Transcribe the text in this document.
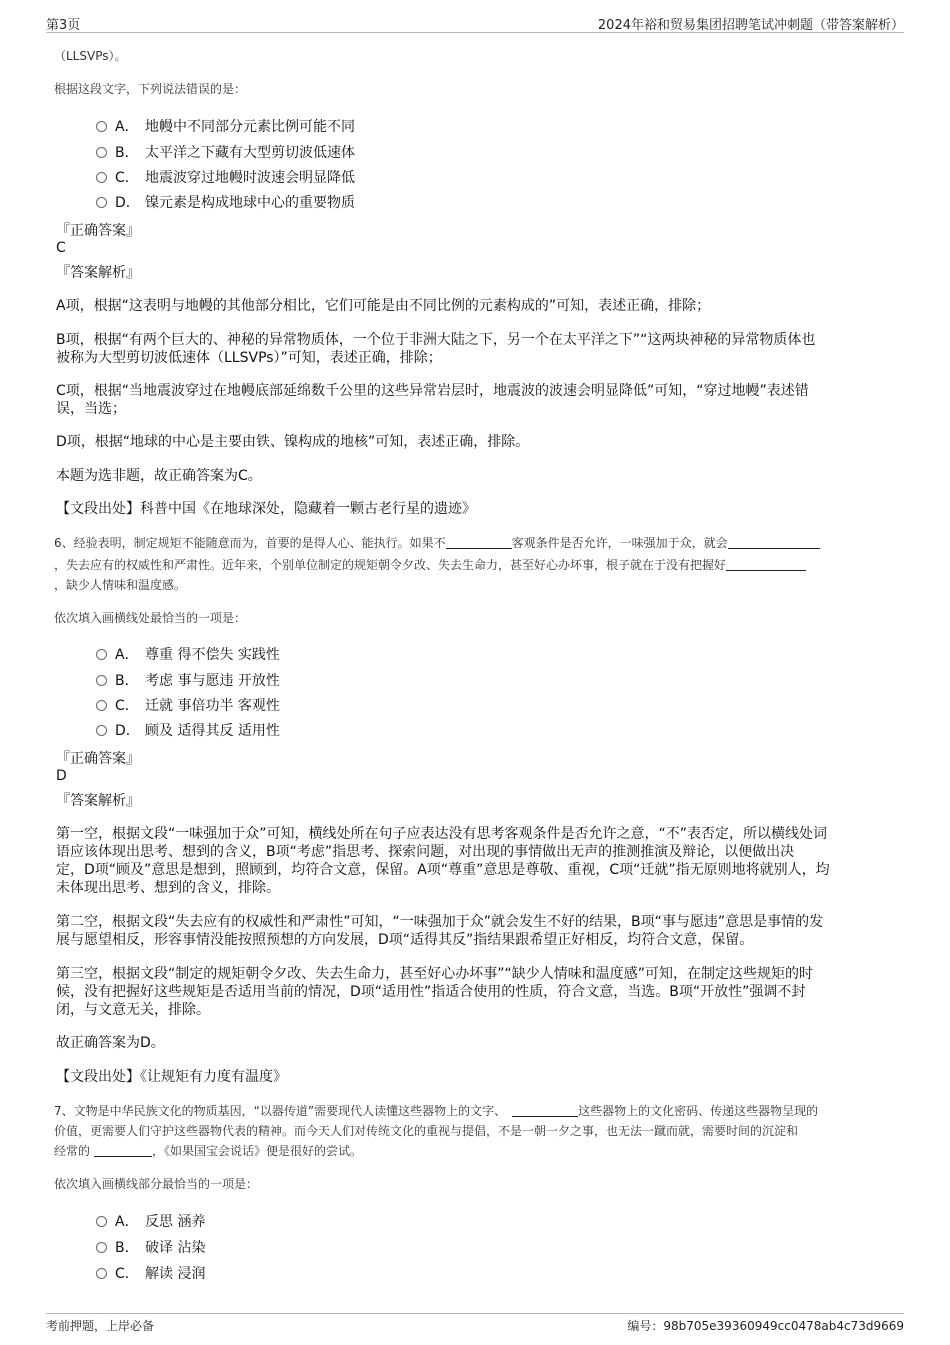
第3页	2024年裕和贸易集团招聘笔试冲刺题（带答案解析）
（LLSVPs）。
根据这段文字，下列说法错误的是：
A． 地幔中不同部分元素比例可能不同
B． 太平洋之下藏有大型剪切波低速体
C． 地震波穿过地幔时波速会明显降低
D． 镍元素是构成地球中心的重要物质
『正确答案』
C
『答案解析』
A项，根据“这表明与地幔的其他部分相比，它们可能是由不同比例的元素构成的”可知，表述正确，排除；
B项，根据“有两个巨大的、神秘的异常物质体，一个位于非洲大陆之下，另一个在太平洋之下”“这两块神秘的异常物质体也
被称为大型剪切波低速体（LLSVPs）”可知，表述正确，排除；
C项，根据“当地震波穿过在地幔底部延绵数千公里的这些异常岩层时，地震波的波速会明显降低”可知，“穿过地幔”表述错
误，当选；
D项，根据“地球的中心是主要由铁、镍构成的地核”可知，表述正确，排除。
本题为选非题，故正确答案为C。
【文段出处】科普中国《在地球深处，隐藏着一颗古老行星的遗迹》
6、经验表明，制定规矩不能随意而为，首要的是得人心、能执行。如果不	客观条件是否允许，一味强加于众，就会
，失去应有的权威性和严肃性。近年来，个别单位制定的规矩朝令夕改、失去生命力，甚至好心办坏事，根子就在于没有把握好
，缺少人情味和温度感。
依次填入画横线处最恰当的一项是：
A． 尊重 得不偿失 实践性
B． 考虑 事与愿违 开放性
C． 迁就 事倍功半 客观性
D． 顾及 适得其反 适用性
『正确答案』
D
『答案解析』
第一空，根据文段“一味强加于众”可知，横线处所在句子应表达没有思考客观条件是否允许之意，“不”表否定，所以横线处词
语应该体现出思考、想到的含义，B项“考虑”指思考、探索问题，对出现的事情做出无声的推测推演及辩论，以便做出决
定，D项“顾及”意思是想到，照顾到，均符合文意，保留。A项“尊重”意思是尊敬、重视，C项“迁就”指无原则地将就别人，均
未体现出思考、想到的含义，排除。
第二空，根据文段“失去应有的权威性和严肃性”可知，“一味强加于众”就会发生不好的结果，B项“事与愿违”意思是事情的发
展与愿望相反，形容事情没能按照预想的方向发展，D项“适得其反”指结果跟希望正好相反，均符合文意，保留。
第三空，根据文段“制定的规矩朝令夕改、失去生命力，甚至好心办坏事”“缺少人情味和温度感”可知，在制定这些规矩的时
候，没有把握好这些规矩是否适用当前的情况，D项“适用性”指适合使用的性质，符合文意，当选。B项“开放性”强调不封
闭，与文意无关，排除。
故正确答案为D。
【文段出处】《让规矩有力度有温度》
7、文物是中华民族文化的物质基因，“以器传道”需要现代人读懂这些器物上的文字、	这些器物上的文化密码、传递这些器物呈现的
价值，更需要人们守护这些器物代表的精神。而今天人们对传统文化的重视与提倡，不是一朝一夕之事，也无法一蹴而就，需要时间的沉淀和
经常的	，《如果国宝会说话》便是很好的尝试。
依次填入画横线部分最恰当的一项是：
A． 反思 涵养
B． 破译 沾染
C． 解读 浸润
考前押题，上岸必备	编号：98b705e39360949cc0478ab4c73d9669
